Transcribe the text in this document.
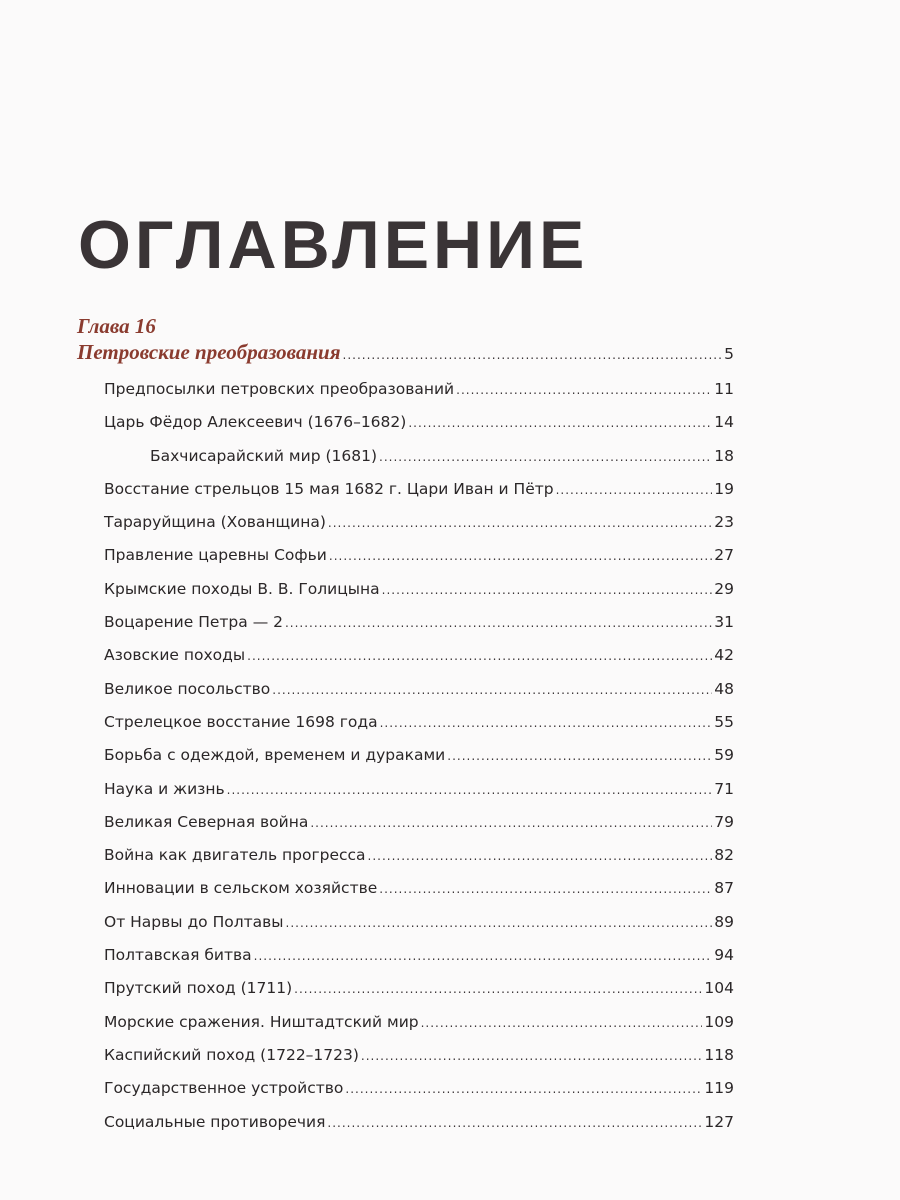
ОГЛАВЛЕНИЕ
Глава 16
Петровские преобразования .....	5
Предпосылки петровских преобразований .....	11
Царь Фёдор Алексеевич (1676–1682) .....	14
Бахчисарайский мир (1681) .....	18
Восстание стрельцов 15 мая 1682 г. Цари Иван и Пётр .....	19
Тараруйщина (Хованщина) .....	23
Правление царевны Софьи .....	27
Крымские походы В. В. Голицына .....	29
Воцарение Петра — 2 .....	31
Азовские походы .....	42
Великое посольство .....	48
Стрелецкое восстание 1698 года .....	55
Борьба с одеждой, временем и дураками .....	59
Наука и жизнь .....	71
Великая Северная война .....	79
Война как двигатель прогресса .....	82
Инновации в сельском хозяйстве .....	87
От Нарвы до Полтавы .....	89
Полтавская битва .....	94
Прутский поход (1711) .....	104
Морские сражения. Ништадтский мир .....	109
Каспийский поход (1722–1723) .....	118
Государственное устройство .....	119
Социальные противоречия .....	127
